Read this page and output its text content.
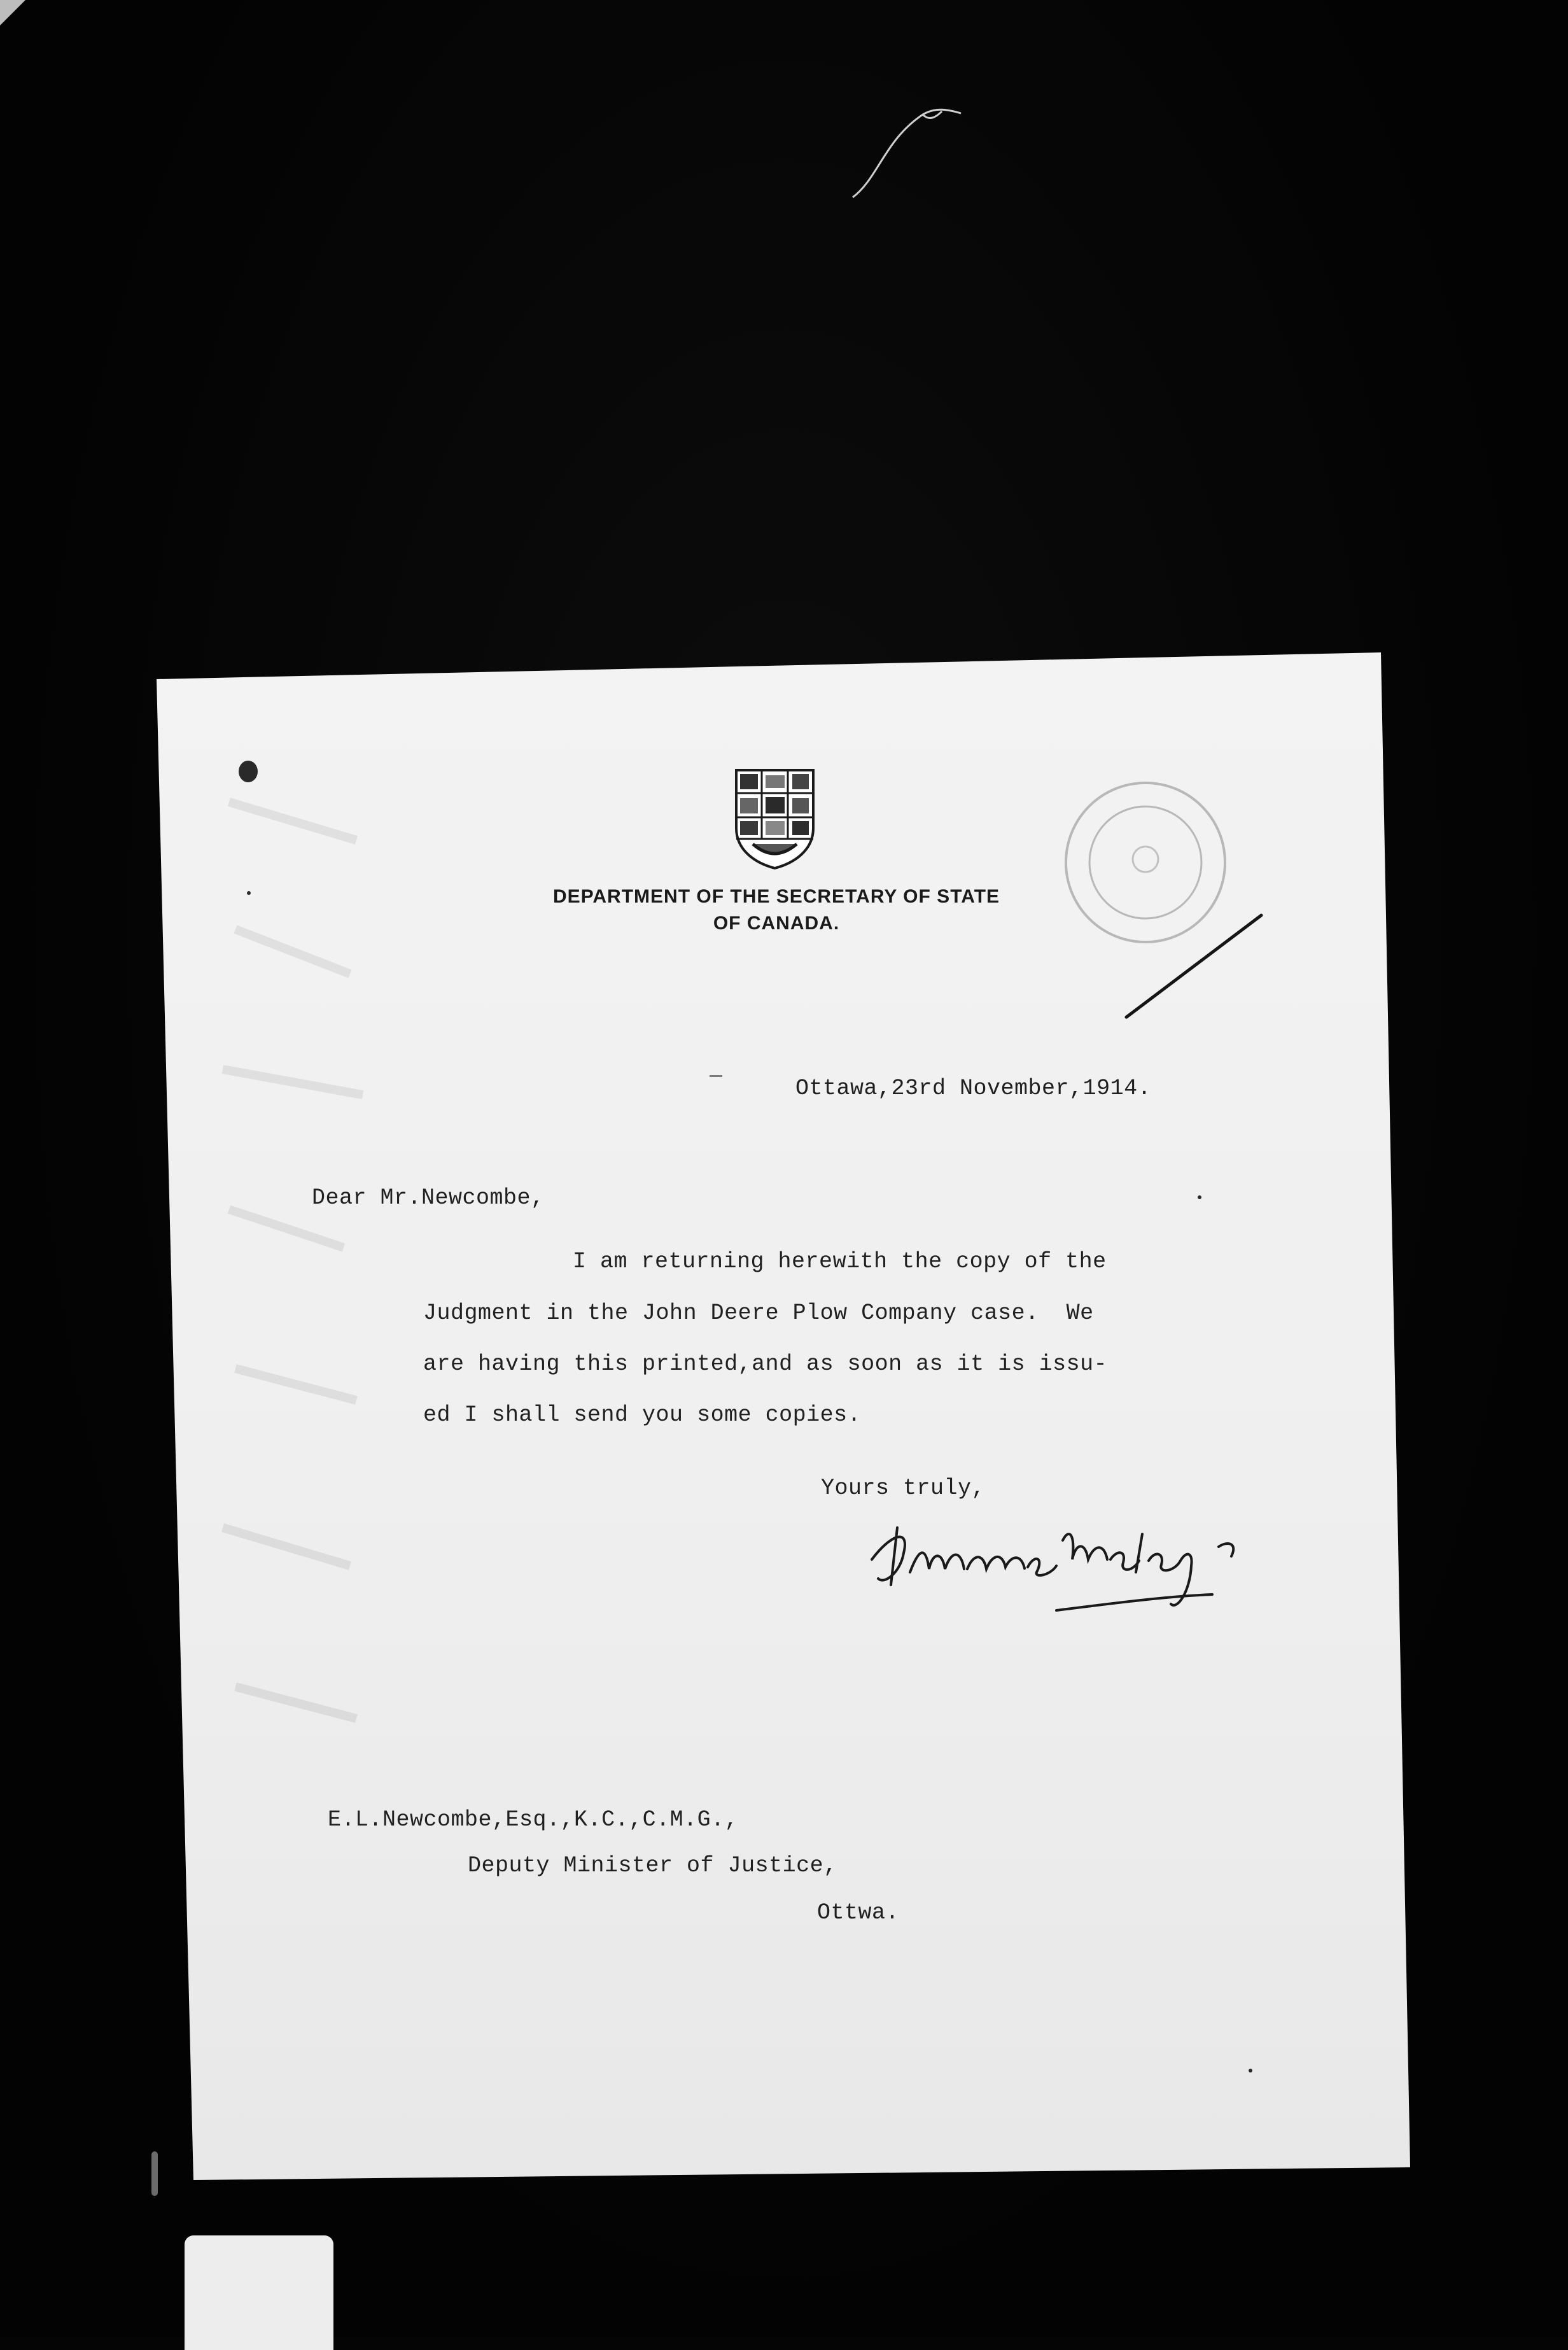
DEPARTMENT OF THE SECRETARY OF STATE
OF CANADA.
Ottawa,23rd November,1914.
Dear Mr.Newcombe,
I am returning herewith the copy of the
Judgment in the John Deere Plow Company case.  We
are having this printed,and as soon as it is issu-
ed I shall send you some copies.
Yours truly,
E.L.Newcombe,Esq.,K.C.,C.M.G.,
Deputy Minister of Justice,
Ottwa.
